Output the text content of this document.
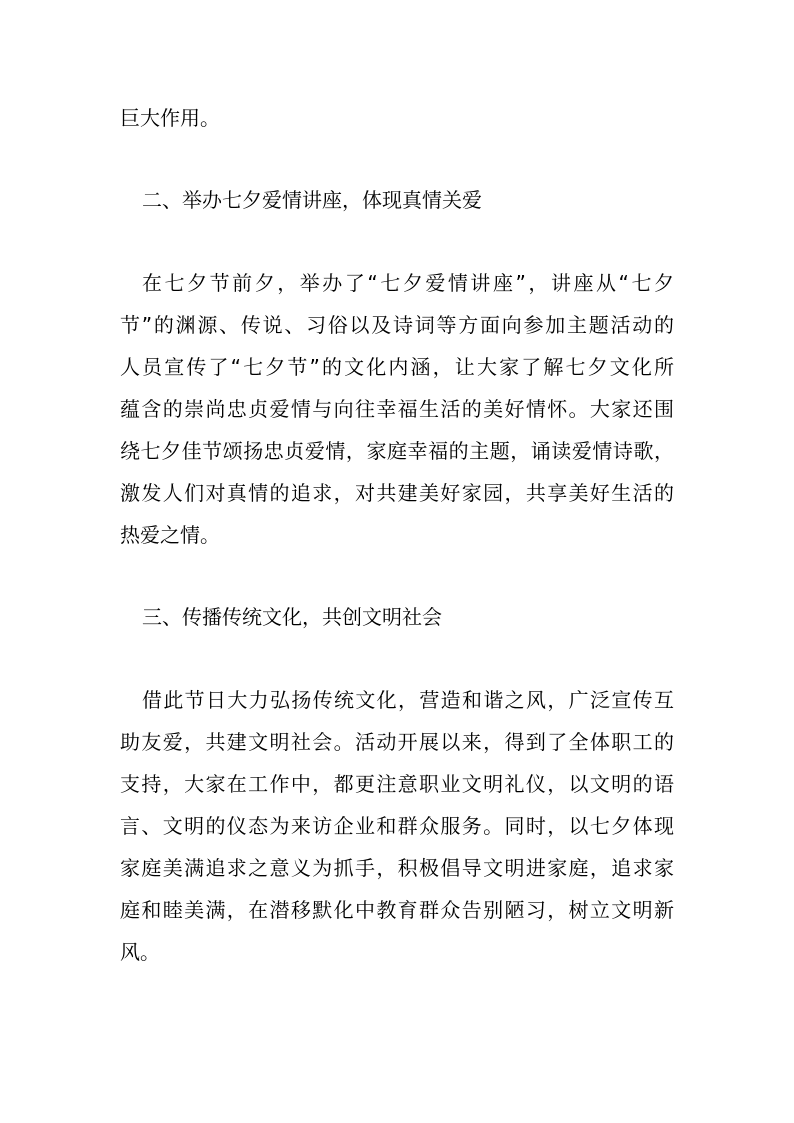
巨大作用。
二、举办七夕爱情讲座，体现真情关爱
在七夕节前夕，举办了“七夕爱情讲座”，讲座从“七夕
节”的渊源、传说、习俗以及诗词等方面向参加主题活动的
人员宣传了“七夕节”的文化内涵，让大家了解七夕文化所
蕴含的崇尚忠贞爱情与向往幸福生活的美好情怀。大家还围
绕七夕佳节颂扬忠贞爱情，家庭幸福的主题，诵读爱情诗歌，
激发人们对真情的追求，对共建美好家园，共享美好生活的
热爱之情。
三、传播传统文化，共创文明社会
借此节日大力弘扬传统文化，营造和谐之风，广泛宣传互
助友爱，共建文明社会。活动开展以来，得到了全体职工的
支持，大家在工作中，都更注意职业文明礼仪，以文明的语
言、文明的仪态为来访企业和群众服务。同时，以七夕体现
家庭美满追求之意义为抓手，积极倡导文明进家庭，追求家
庭和睦美满，在潜移默化中教育群众告别陋习，树立文明新
风。
